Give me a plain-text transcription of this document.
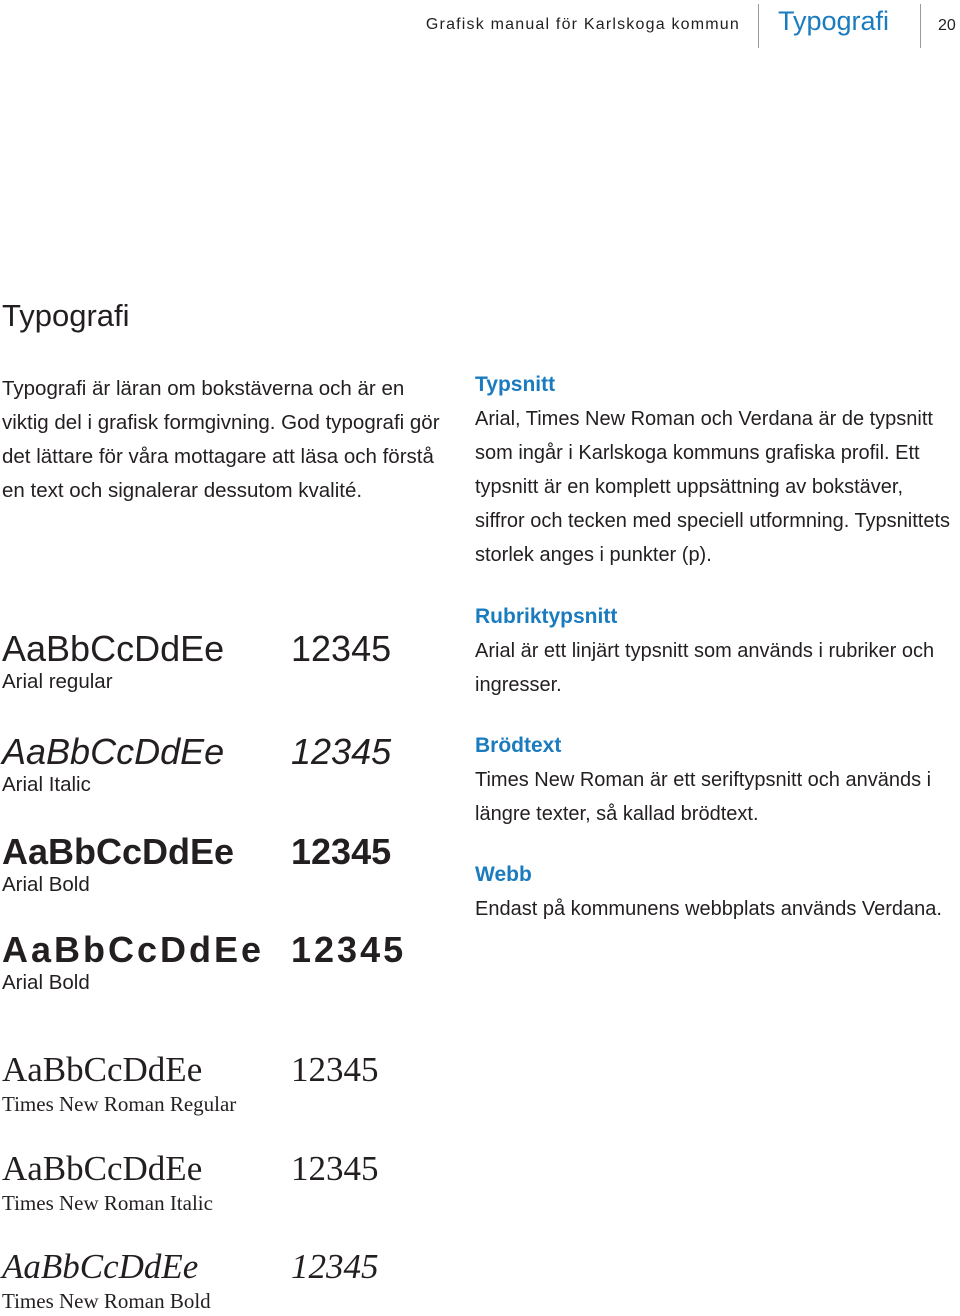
Grafisk manual för Karlskoga kommun Typografi	20
Typografi

Typografi är läran om bokstäverna och är en viktig del i grafisk formgivning. God typografi gör det lättare för våra mottagare att läsa och förstå en text och signalerar dessutom kvalité.

AaBbCcDdEe 12345
Arial regular
AaBbCcDdEe 12345
Arial Italic
AaBbCcDdEe 12345
Arial Bold
AaBbCcDdEe 12345
Arial Bold
AaBbCcDdEe	12345
Times New Roman Regular
AaBbCcDdEe	12345
Times New Roman Italic
AaBbCcDdEe	12345
Times New Roman Bold
Typsnitt

Arial, Times New Roman och Verdana är de typsnitt som ingår i Karlskoga kommuns grafiska profil. Ett typsnitt är en komplett uppsättning av bokstäver, siffror och tecken med speciell utformning. Typsnittets storlek anges i punkter (p).

Rubriktypsnitt

Arial är ett linjärt typsnitt som används i rubriker och ingresser.

Brödtext

Times New Roman är ett seriftypsnitt och används i längre texter, så kallad brödtext.

Webb

Endast på kommunens webbplats används Verdana.
